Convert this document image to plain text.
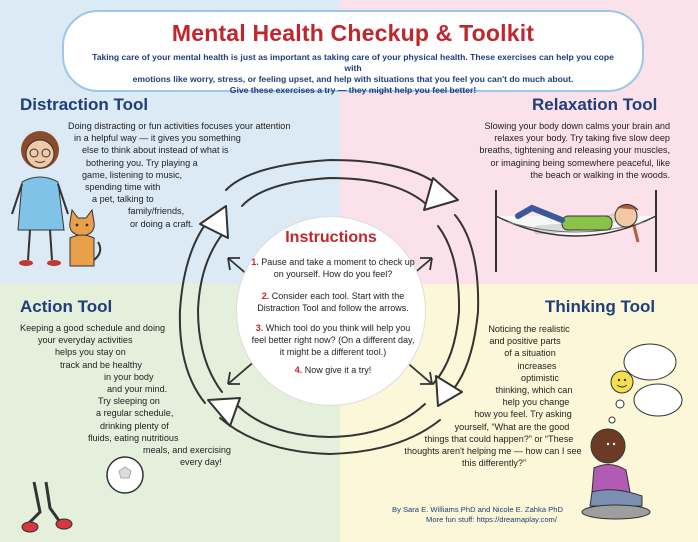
Mental Health Checkup & Toolkit
Taking care of your mental health is just as important as taking care of your physical health. These exercises can help you cope with
emotions like worry, stress, or feeling upset, and help with situations that you feel you can't do much about.
Give these exercises a try — they might help you feel better!
Distraction Tool
Doing distracting or fun activities focuses your attention
in a helpful way — it gives you something
else to think about instead of what is
bothering you. Try playing a
game, listening to music,
spending time with
a pet, talking to
family/friends,
or doing a craft.
Relaxation Tool
Slowing your body down calms your brain and
relaxes your body. Try taking five slow deep
breaths, tightening and releasing your muscles,
or imagining being somewhere peaceful, like
the beach or walking in the woods.
Action Tool
Keeping a good schedule and doing
your everyday activities
helps you stay on
track and be healthy
in your body
and your mind.
Try sleeping on
a regular schedule,
drinking plenty of
fluids, eating nutritious
meals, and exercising
every day!
Thinking Tool
Noticing the realistic
and positive parts
of a situation
increases
optimistic
thinking, which can
help you change
how you feel. Try asking
yourself, “What are the good
things that could happen?” or “These
thoughts aren't helping me — how can I see
this differently?”
Instructions
1. Pause and take a moment to check up on yourself. How do you feel?
2. Consider each tool. Start with the Distraction Tool and follow the arrows.
3. Which tool do you think will help you feel better right now? (On a different day, it might be a different tool.)
4. Now give it a try!
By Sara E. Williams PhD and Nicole E. Zahka PhD
More fun stuff: https://dreamaplay.com/
